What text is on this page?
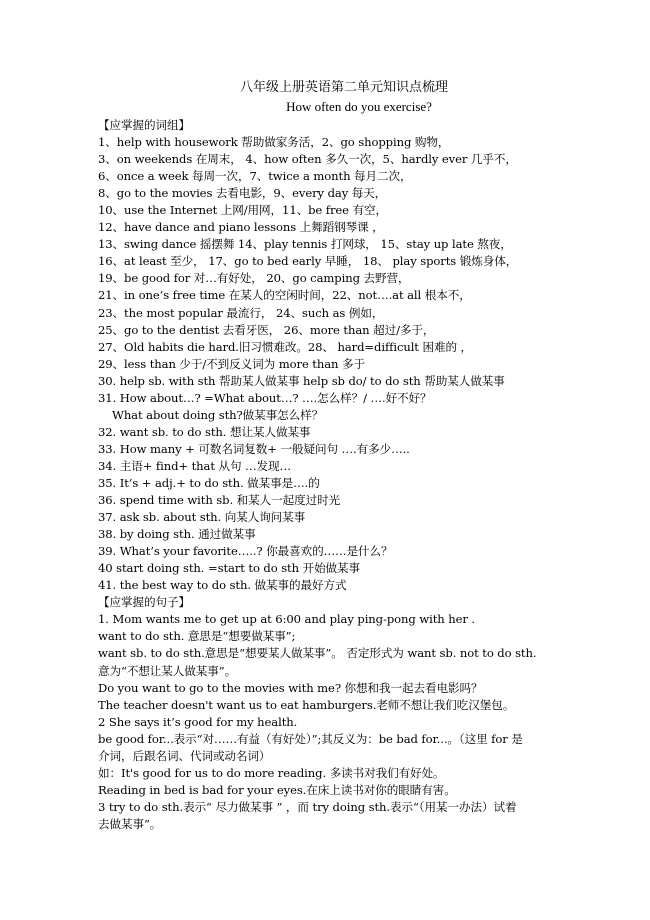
八年级上册英语第二单元知识点梳理
How often do you exercise?
【应掌握的词组】
1、help with housework 帮助做家务活，2、go shopping 购物，
3、on weekends 在周末， 4、how often 多久一次，5、hardly ever 几乎不，
6、once a week 每周一次，7、twice a month 每月二次，
8、go to the movies 去看电影，9、every day 每天，
10、use the Internet 上网/用网，11、be free 有空，
12、have dance and piano lessons 上舞蹈钢琴课 ，
13、swing dance 摇摆舞 14、play tennis 打网球， 15、stay up late 熬夜，
16、at least 至少， 17、go to bed early 早睡， 18、 play sports 锻炼身体，
19、be good for 对…有好处， 20、go camping 去野营，
21、in one’s free time 在某人的空闲时间，22、not….at all 根本不，
23、the most popular 最流行， 24、such as 例如，
25、go to the dentist 去看牙医， 26、more than 超过/多于，
27、Old habits die hard.旧习惯难改。28、 hard=difficult 困难的 ，
29、less than 少于/不到反义词为 more than 多于
30. help sb. with sth 帮助某人做某事 help sb do/ to do sth 帮助某人做某事
31. How about…? =What about…? ….怎么样？/ ….好不好？
What about doing sth?做某事怎么样？
32. want sb. to do sth. 想让某人做某事
33. How many + 可数名词复数+ 一般疑问句 ….有多少…..
34. 主语+ find+ that 从句 …发现…
35. It’s + adj.+ to do sth. 做某事是….的
36. spend time with sb. 和某人一起度过时光
37. ask sb. about sth. 向某人询问某事
38. by doing sth. 通过做某事
39. What’s your favorite…..? 你最喜欢的……是什么？
40 start doing sth. =start to do sth 开始做某事
41. the best way to do sth. 做某事的最好方式
【应掌握的句子】
1. Mom wants me to get up at 6:00 and play ping-pong with her .
want to do sth. 意思是“想要做某事”;
want sb. to do sth.意思是“想要某人做某事”。 否定形式为 want sb. not to do sth.
意为“不想让某人做某事”。
Do you want to go to the movies with me? 你想和我一起去看电影吗？
The teacher doesn't want us to eat hamburgers.老师不想让我们吃汉堡包。
2 She says it’s good for my health.
be good for...表示“对……有益（有好处）”;其反义为：be bad for...。（这里 for 是
介词，后跟名词、代词或动名词）
如：It's good for us to do more reading. 多读书对我们有好处。
Reading in bed is bad for your eyes.在床上读书对你的眼睛有害。
3 try to do sth.表示“ 尽力做某事 ” ，而 try doing sth.表示“（用某一办法）试着
去做某事”。
